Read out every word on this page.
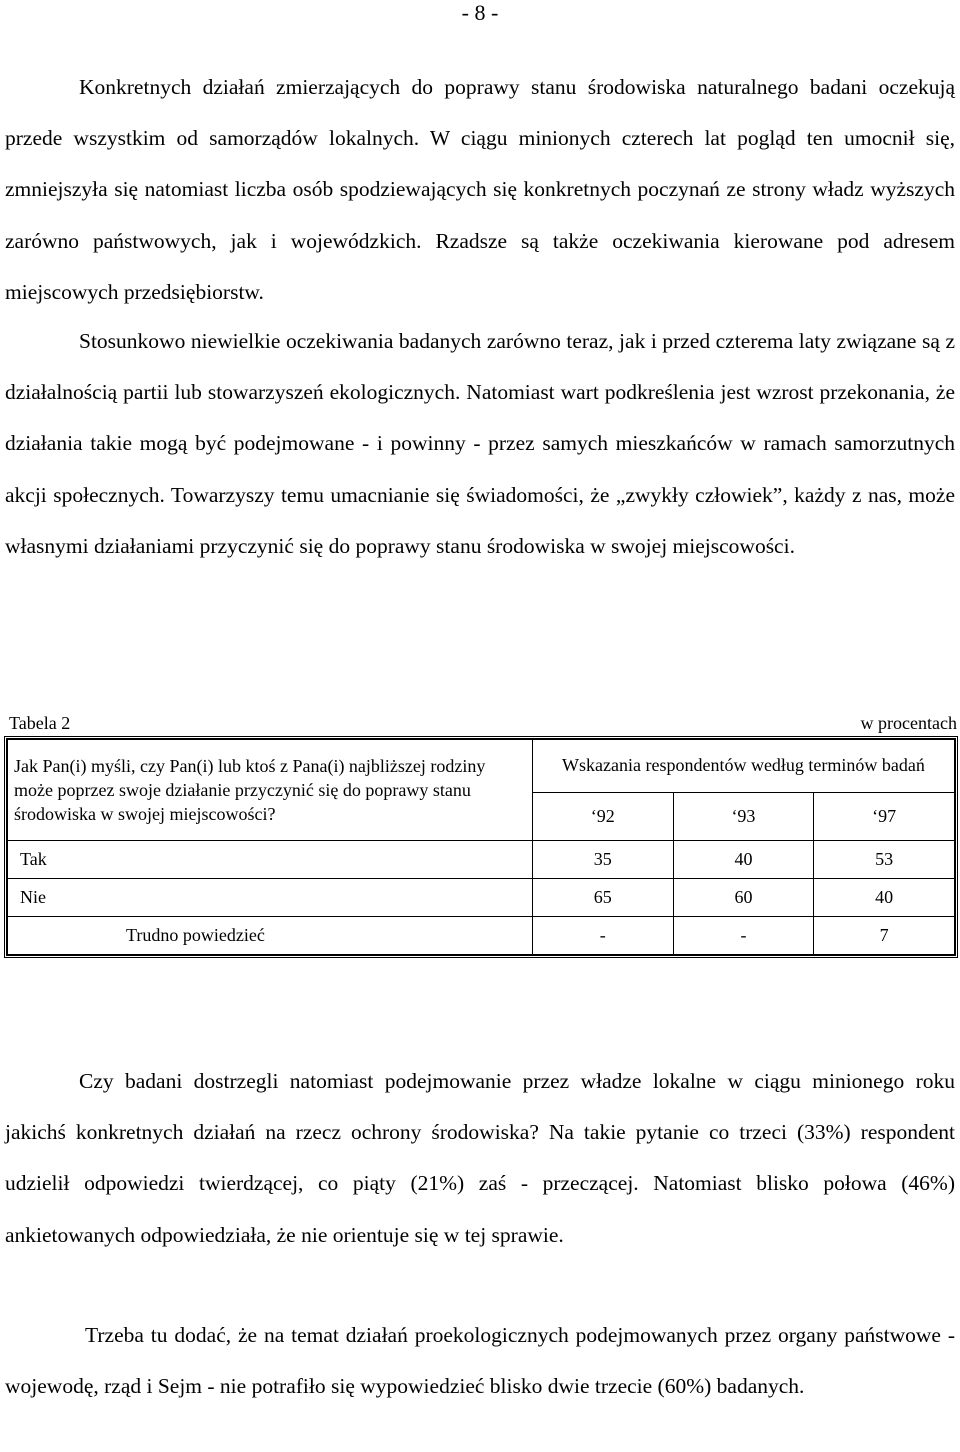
- 8 -

Konkretnych działań zmierzających do poprawy stanu środowiska naturalnego badani oczekują przede wszystkim od samorządów lokalnych. W ciągu minionych czterech lat pogląd ten umocnił się, zmniejszyła się natomiast liczba osób spodziewających się konkretnych poczynań ze strony władz wyższych zarówno państwowych, jak i wojewódzkich. Rzadsze są także oczekiwania kierowane pod adresem miejscowych przedsiębiorstw.

Stosunkowo niewielkie oczekiwania badanych zarówno teraz, jak i przed czterema laty związane są z działalnością partii lub stowarzyszeń ekologicznych. Natomiast wart podkreślenia jest wzrost przekonania, że działania takie mogą być podejmowane - i powinny - przez samych mieszkańców w ramach samorzutnych akcji społecznych. Towarzyszy temu umacnianie się świadomości, że „zwykły człowiek”, każdy z nas, może własnymi działaniami przyczynić się do poprawy stanu środowiska w swojej miejscowości.

Tabela 2	w procentach
Jak Pan(i) myśli, czy Pan(i) lub ktoś z Pana(i) najbliższej rodziny może poprzez swoje działanie przyczynić się do poprawy stanu środowiska w swojej miejscowości?	Wskazania respondentów według terminów badań		
	‘92	‘93	‘97
Tak	35	40	53
Nie	65	60	40
Trudno powiedzieć	-	-	7

Czy badani dostrzegli natomiast podejmowanie przez władze lokalne w ciągu minionego roku jakichś konkretnych działań na rzecz ochrony środowiska? Na takie pytanie co trzeci (33%) respondent udzielił odpowiedzi twierdzącej, co piąty (21%) zaś - przeczącej. Natomiast blisko połowa (46%) ankietowanych odpowiedziała, że nie orientuje się w tej sprawie.

Trzeba tu dodać, że na temat działań proekologicznych podejmowanych przez organy państwowe - wojewodę, rząd i Sejm - nie potrafiło się wypowiedzieć blisko dwie trzecie (60%) badanych.
